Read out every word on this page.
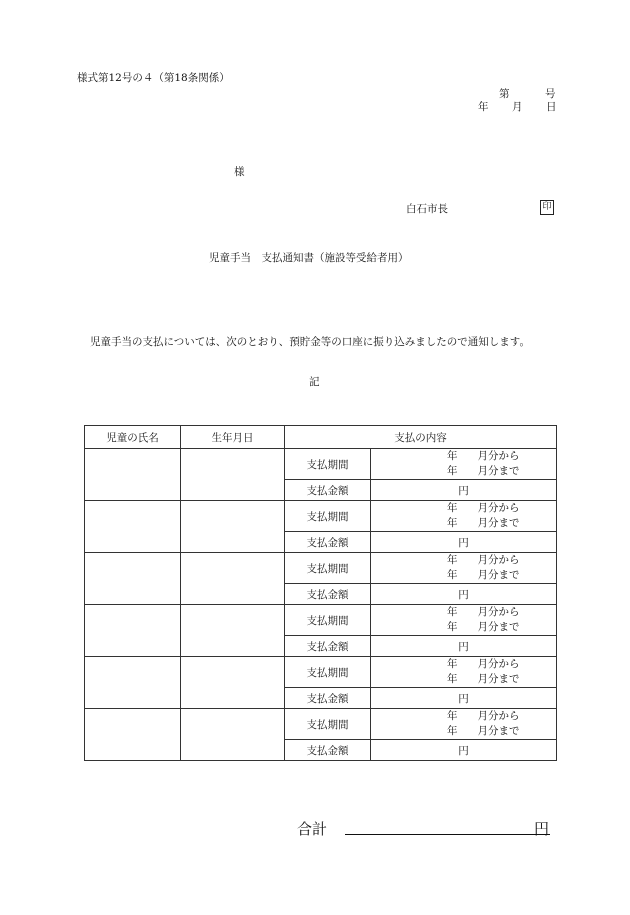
様式第12号の４（第18条関係）
第	号
年 月 日
様
白石市長	印
児童手当　支払通知書（施設等受給者用）
児童手当の支払については、次のとおり、預貯金等の口座に振り込みましたので通知します。
記
児童の氏名	生年月日	支払の内容	
		支払期間	年 月分から
年 月分まで

		支払金額	円
		支払期間	年 月分から
年 月分まで

		支払金額	円
		支払期間	年 月分から
年 月分まで

		支払金額	円
		支払期間	年 月分から
年 月分まで

		支払金額	円
		支払期間	年 月分から
年 月分まで

		支払金額	円
		支払期間	年 月分から
年 月分まで

		支払金額	円
合計	円
